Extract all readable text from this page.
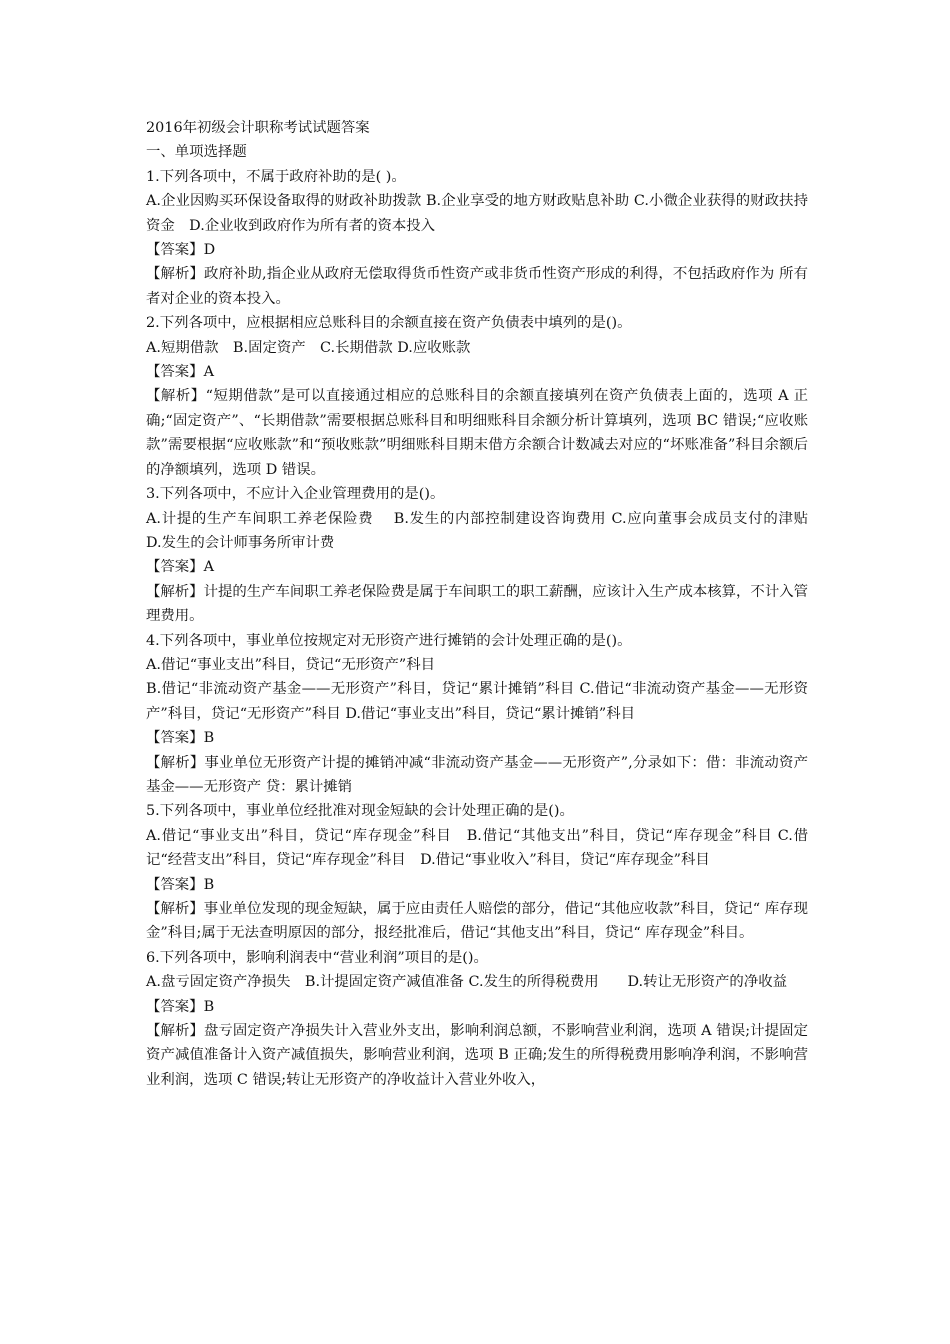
2016年初级会计职称考试试题答案

一、单项选择题

1.下列各项中，不属于政府补助的是( )。

A.企业因购买环保设备取得的财政补助拨款 B.企业享受的地方财政贴息补助 C.小微企业获得的财政扶持资金　D.企业收到政府作为所有者的资本投入

【答案】D

【解析】政府补助,指企业从政府无偿取得货币性资产或非货币性资产形成的利得，不包括政府作为 所有者对企业的资本投入。

2.下列各项中，应根据相应总账科目的余额直接在资产负债表中填列的是()。

A.短期借款　B.固定资产　C.长期借款 D.应收账款

【答案】A

【解析】“短期借款”是可以直接通过相应的总账科目的余额直接填列在资产负债表上面的，选项 A 正确;“固定资产”、“长期借款”需要根据总账科目和明细账科目余额分析计算填列，选项 BC 错误;“应收账款”需要根据“应收账款”和“预收账款”明细账科目期末借方余额合计数减去对应的“坏账准备”科目余额后的净额填列，选项 D 错误。

3.下列各项中，不应计入企业管理费用的是()。

A.计提的生产车间职工养老保险费　 B.发生的内部控制建设咨询费用 C.应向董事会成员支付的津贴　　D.发生的会计师事务所审计费

【答案】A

【解析】计提的生产车间职工养老保险费是属于车间职工的职工薪酬，应该计入生产成本核算，不计入管理费用。

4.下列各项中，事业单位按规定对无形资产进行摊销的会计处理正确的是()。

A.借记“事业支出”科目，贷记“无形资产”科目

B.借记“非流动资产基金——无形资产”科目，贷记“累计摊销”科目 C.借记“非流动资产基金——无形资产”科目，贷记“无形资产”科目 D.借记“事业支出”科目，贷记“累计摊销”科目

【答案】B

【解析】事业单位无形资产计提的摊销冲减“非流动资产基金——无形资产”,分录如下：借：非流动资产基金——无形资产 贷：累计摊销

5.下列各项中，事业单位经批准对现金短缺的会计处理正确的是()。

A.借记“事业支出”科目，贷记“库存现金”科目　B.借记“其他支出”科目，贷记“库存现金”科目 C.借记“经营支出”科目，贷记“库存现金”科目　D.借记“事业收入”科目，贷记“库存现金”科目

【答案】B

【解析】事业单位发现的现金短缺，属于应由责任人赔偿的部分，借记“其他应收款”科目，贷记“ 库存现金”科目;属于无法查明原因的部分，报经批准后，借记“其他支出”科目，贷记“ 库存现金”科目。

6.下列各项中，影响利润表中“营业利润”项目的是()。

A.盘亏固定资产净损失　B.计提固定资产减值准备 C.发生的所得税费用　　D.转让无形资产的净收益

【答案】B

【解析】盘亏固定资产净损失计入营业外支出，影响利润总额，不影响营业利润，选项 A 错误;计提固定资产减值准备计入资产减值损失，影响营业利润，选项 B 正确;发生的所得税费用影响净利润，不影响营业利润，选项 C 错误;转让无形资产的净收益计入营业外收入，
